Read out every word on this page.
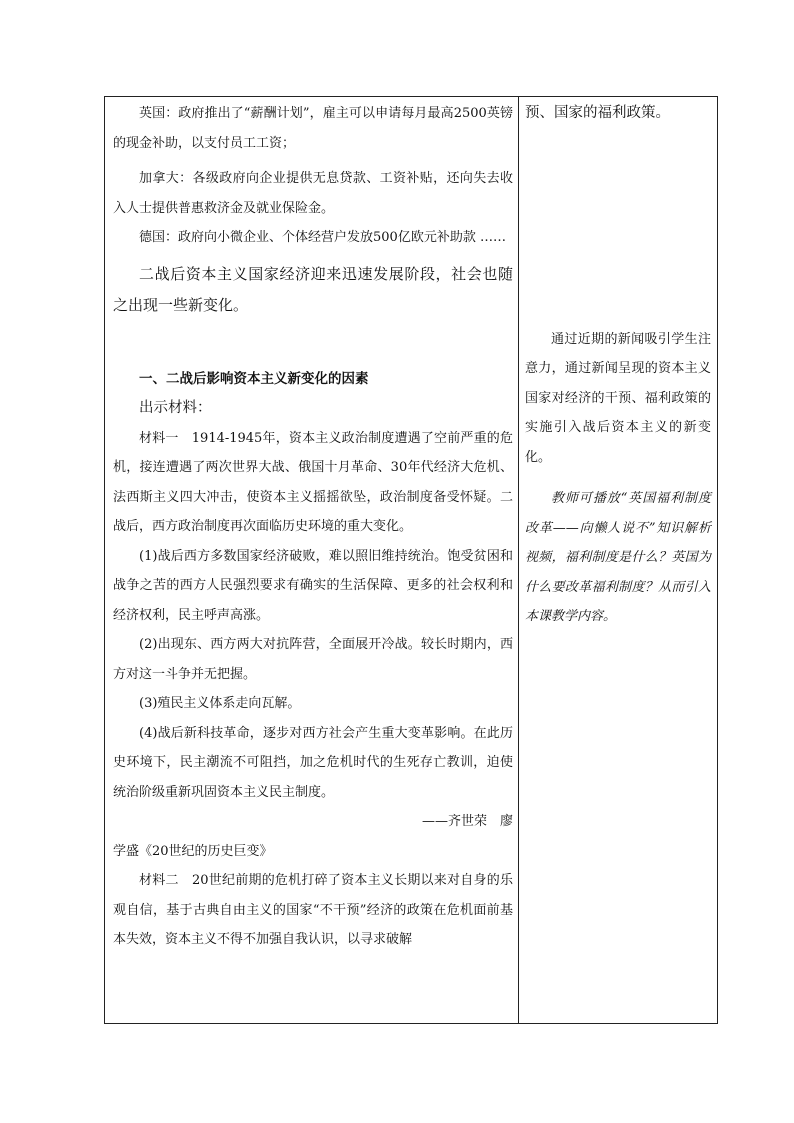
英国：政府推出了“薪酬计划”，雇主可以申请每月最高2500英镑的现金补助，以支付员工工资；

加拿大：各级政府向企业提供无息贷款、工资补贴，还向失去收入人士提供普惠救济金及就业保险金。

德国：政府向小微企业、个体经营户发放500亿欧元补助款 ……

二战后资本主义国家经济迎来迅速发展阶段，社会也随之出现一些新变化。

一、二战后影响资本主义新变化的因素

出示材料：

材料一　1914-1945年，资本主义政治制度遭遇了空前严重的危机，接连遭遇了两次世界大战、俄国十月革命、30年代经济大危机、法西斯主义四大冲击，使资本主义摇摇欲坠，政治制度备受怀疑。二战后，西方政治制度再次面临历史环境的重大变化。

(1)战后西方多数国家经济破败，难以照旧维持统治。饱受贫困和战争之苦的西方人民强烈要求有确实的生活保障、更多的社会权利和经济权利，民主呼声高涨。

(2)出现东、西方两大对抗阵营，全面展开冷战。较长时期内，西方对这一斗争并无把握。

(3)殖民主义体系走向瓦解。

(4)战后新科技革命，逐步对西方社会产生重大变革影响。在此历史环境下，民主潮流不可阻挡，加之危机时代的生死存亡教训，迫使统治阶级重新巩固资本主义民主制度。

——齐世荣　廖

学盛《20世纪的历史巨变》

材料二　20世纪前期的危机打碎了资本主义长期以来对自身的乐观自信，基于古典自由主义的国家“不干预”经济的政策在危机面前基本失效，资本主义不得不加强自我认识，以寻求破解

预、国家的福利政策。

通过近期的新闻吸引学生注意力，通过新闻呈现的资本主义国家对经济的干预、福利政策的实施引入战后资本主义的新变化。

教师可播放“英国福利制度改革——向懒人说不”知识解析视频，福利制度是什么？英国为什么要改革福利制度？从而引入本课教学内容。
